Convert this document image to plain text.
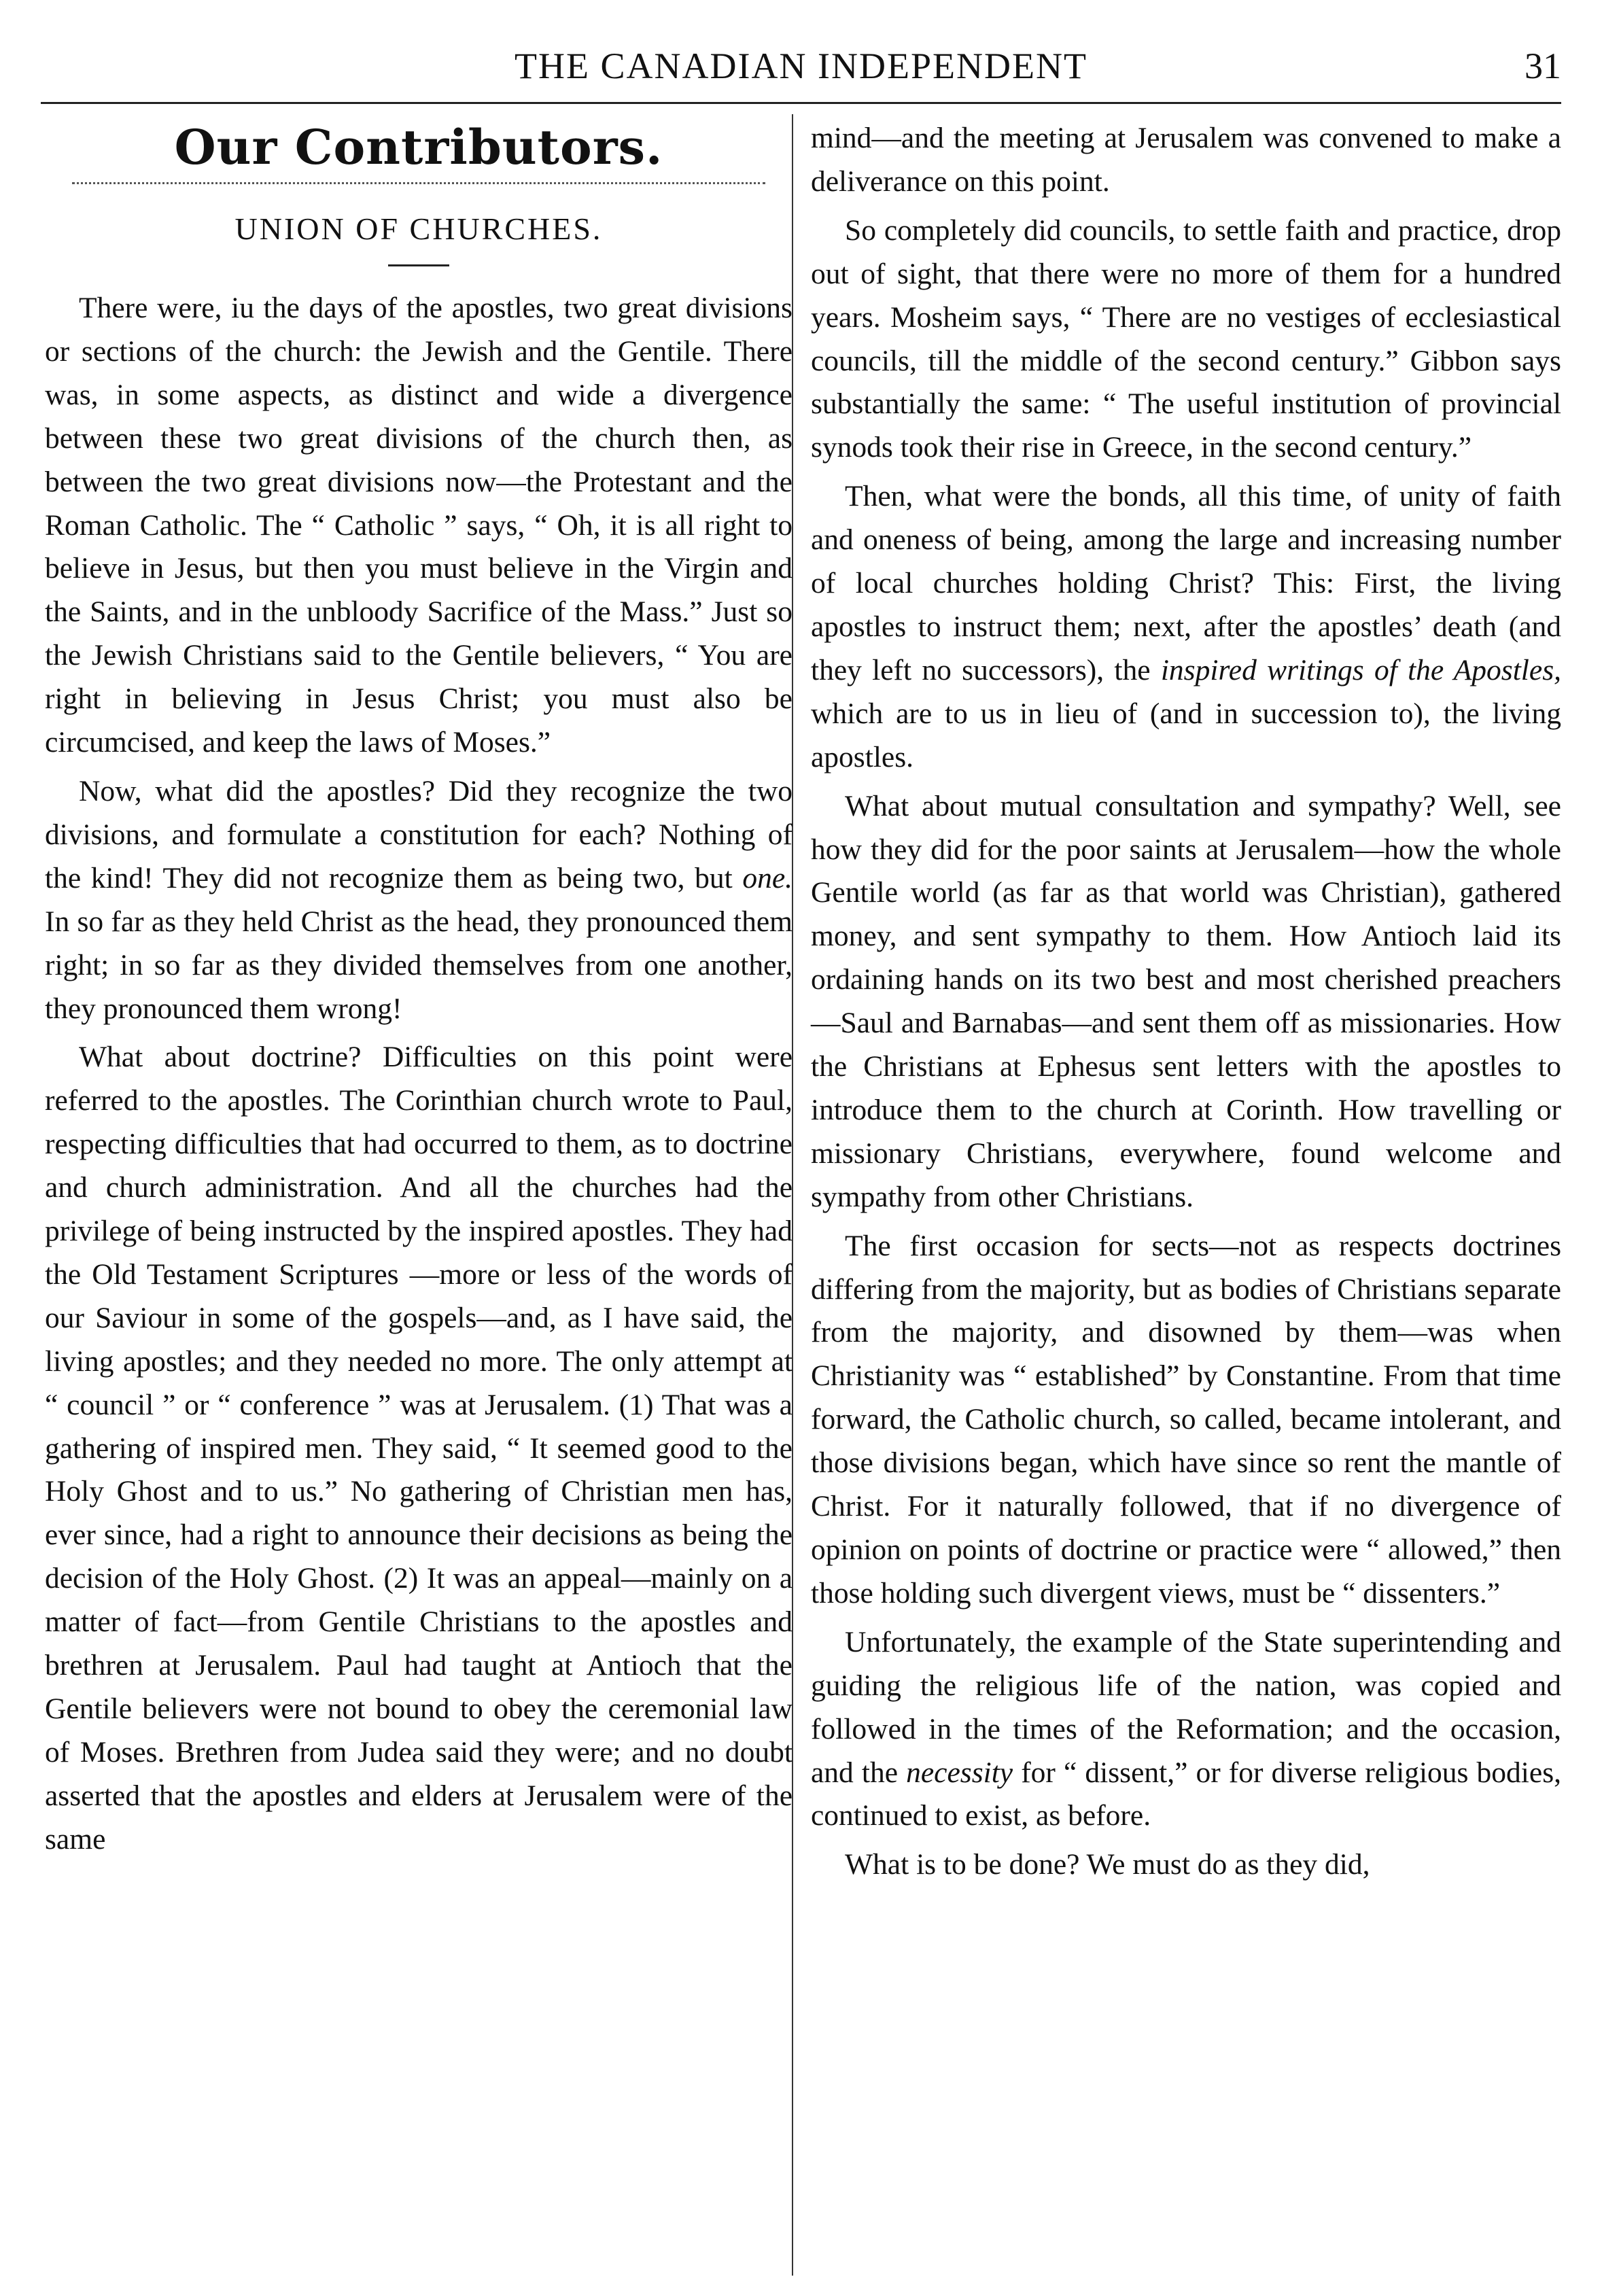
THE CANADIAN INDEPENDENT	31
Our Contributors.
UNION OF CHURCHES.

There were, iu the days of the apostles, two great divisions or sections of the church: the Jewish and the Gentile. There was, in some aspects, as distinct and wide a divergence between these two great divisions of the church then, as between the two great divisions now—the Protestant and the Roman Catholic. The “ Catholic ” says, “ Oh, it is all right to believe in Jesus, but then you must believe in the Virgin and the Saints, and in the unbloody Sacrifice of the Mass.” Just so the Jewish Christians said to the Gentile believers, “ You are right in believing in Jesus Christ; you must also be circumcised, and keep the laws of Moses.”

Now, what did the apostles? Did they recognize the two divisions, and formulate a constitution for each? Nothing of the kind! They did not recognize them as being two, but one. In so far as they held Christ as the head, they pronounced them right; in so far as they divided themselves from one another, they pronounced them wrong!

What about doctrine? Difficulties on this point were referred to the apostles. The Corinthian church wrote to Paul, respecting difficulties that had occurred to them, as to doctrine and church administration. And all the churches had the privilege of being instructed by the inspired apostles. They had the Old Testament Scriptures —more or less of the words of our Saviour in some of the gospels—and, as I have said, the living apostles; and they needed no more. The only attempt at “ council ” or “ conference ” was at Jerusalem. (1) That was a gathering of inspired men. They said, “ It seemed good to the Holy Ghost and to us.” No gathering of Christian men has, ever since, had a right to announce their decisions as being the decision of the Holy Ghost. (2) It was an appeal—mainly on a matter of fact—from Gentile Christians to the apostles and brethren at Jerusalem. Paul had taught at Antioch that the Gentile believers were not bound to obey the ceremonial law of Moses. Brethren from Judea said they were; and no doubt asserted that the apostles and elders at Jerusalem were of the same

mind—and the meeting at Jerusalem was convened to make a deliverance on this point.

So completely did councils, to settle faith and practice, drop out of sight, that there were no more of them for a hundred years. Mosheim says, “ There are no vestiges of ecclesiastical councils, till the middle of the second century.” Gibbon says substantially the same: “ The useful institution of provincial synods took their rise in Greece, in the second century.”

Then, what were the bonds, all this time, of unity of faith and oneness of being, among the large and increasing number of local churches holding Christ? This: First, the living apostles to instruct them; next, after the apostles’ death (and they left no successors), the inspired writings of the Apostles, which are to us in lieu of (and in succession to), the living apostles.

What about mutual consultation and sympathy? Well, see how they did for the poor saints at Jerusalem—how the whole Gentile world (as far as that world was Christian), gathered money, and sent sympathy to them. How Antioch laid its ordaining hands on its two best and most cherished preachers—Saul and Barnabas—and sent them off as missionaries. How the Christians at Ephesus sent letters with the apostles to introduce them to the church at Corinth. How travelling or missionary Christians, everywhere, found welcome and sympathy from other Christians.

The first occasion for sects—not as respects doctrines differing from the majority, but as bodies of Christians separate from the majority, and disowned by them—was when Christianity was “ established” by Constantine. From that time forward, the Catholic church, so called, became intolerant, and those divisions began, which have since so rent the mantle of Christ. For it naturally followed, that if no divergence of opinion on points of doctrine or practice were “ allowed,” then those holding such divergent views, must be “ dissenters.”

Unfortunately, the example of the State superintending and guiding the religious life of the nation, was copied and followed in the times of the Reformation; and the occasion, and the necessity for “ dissent,” or for diverse religious bodies, continued to exist, as before.

What is to be done? We must do as they did,
